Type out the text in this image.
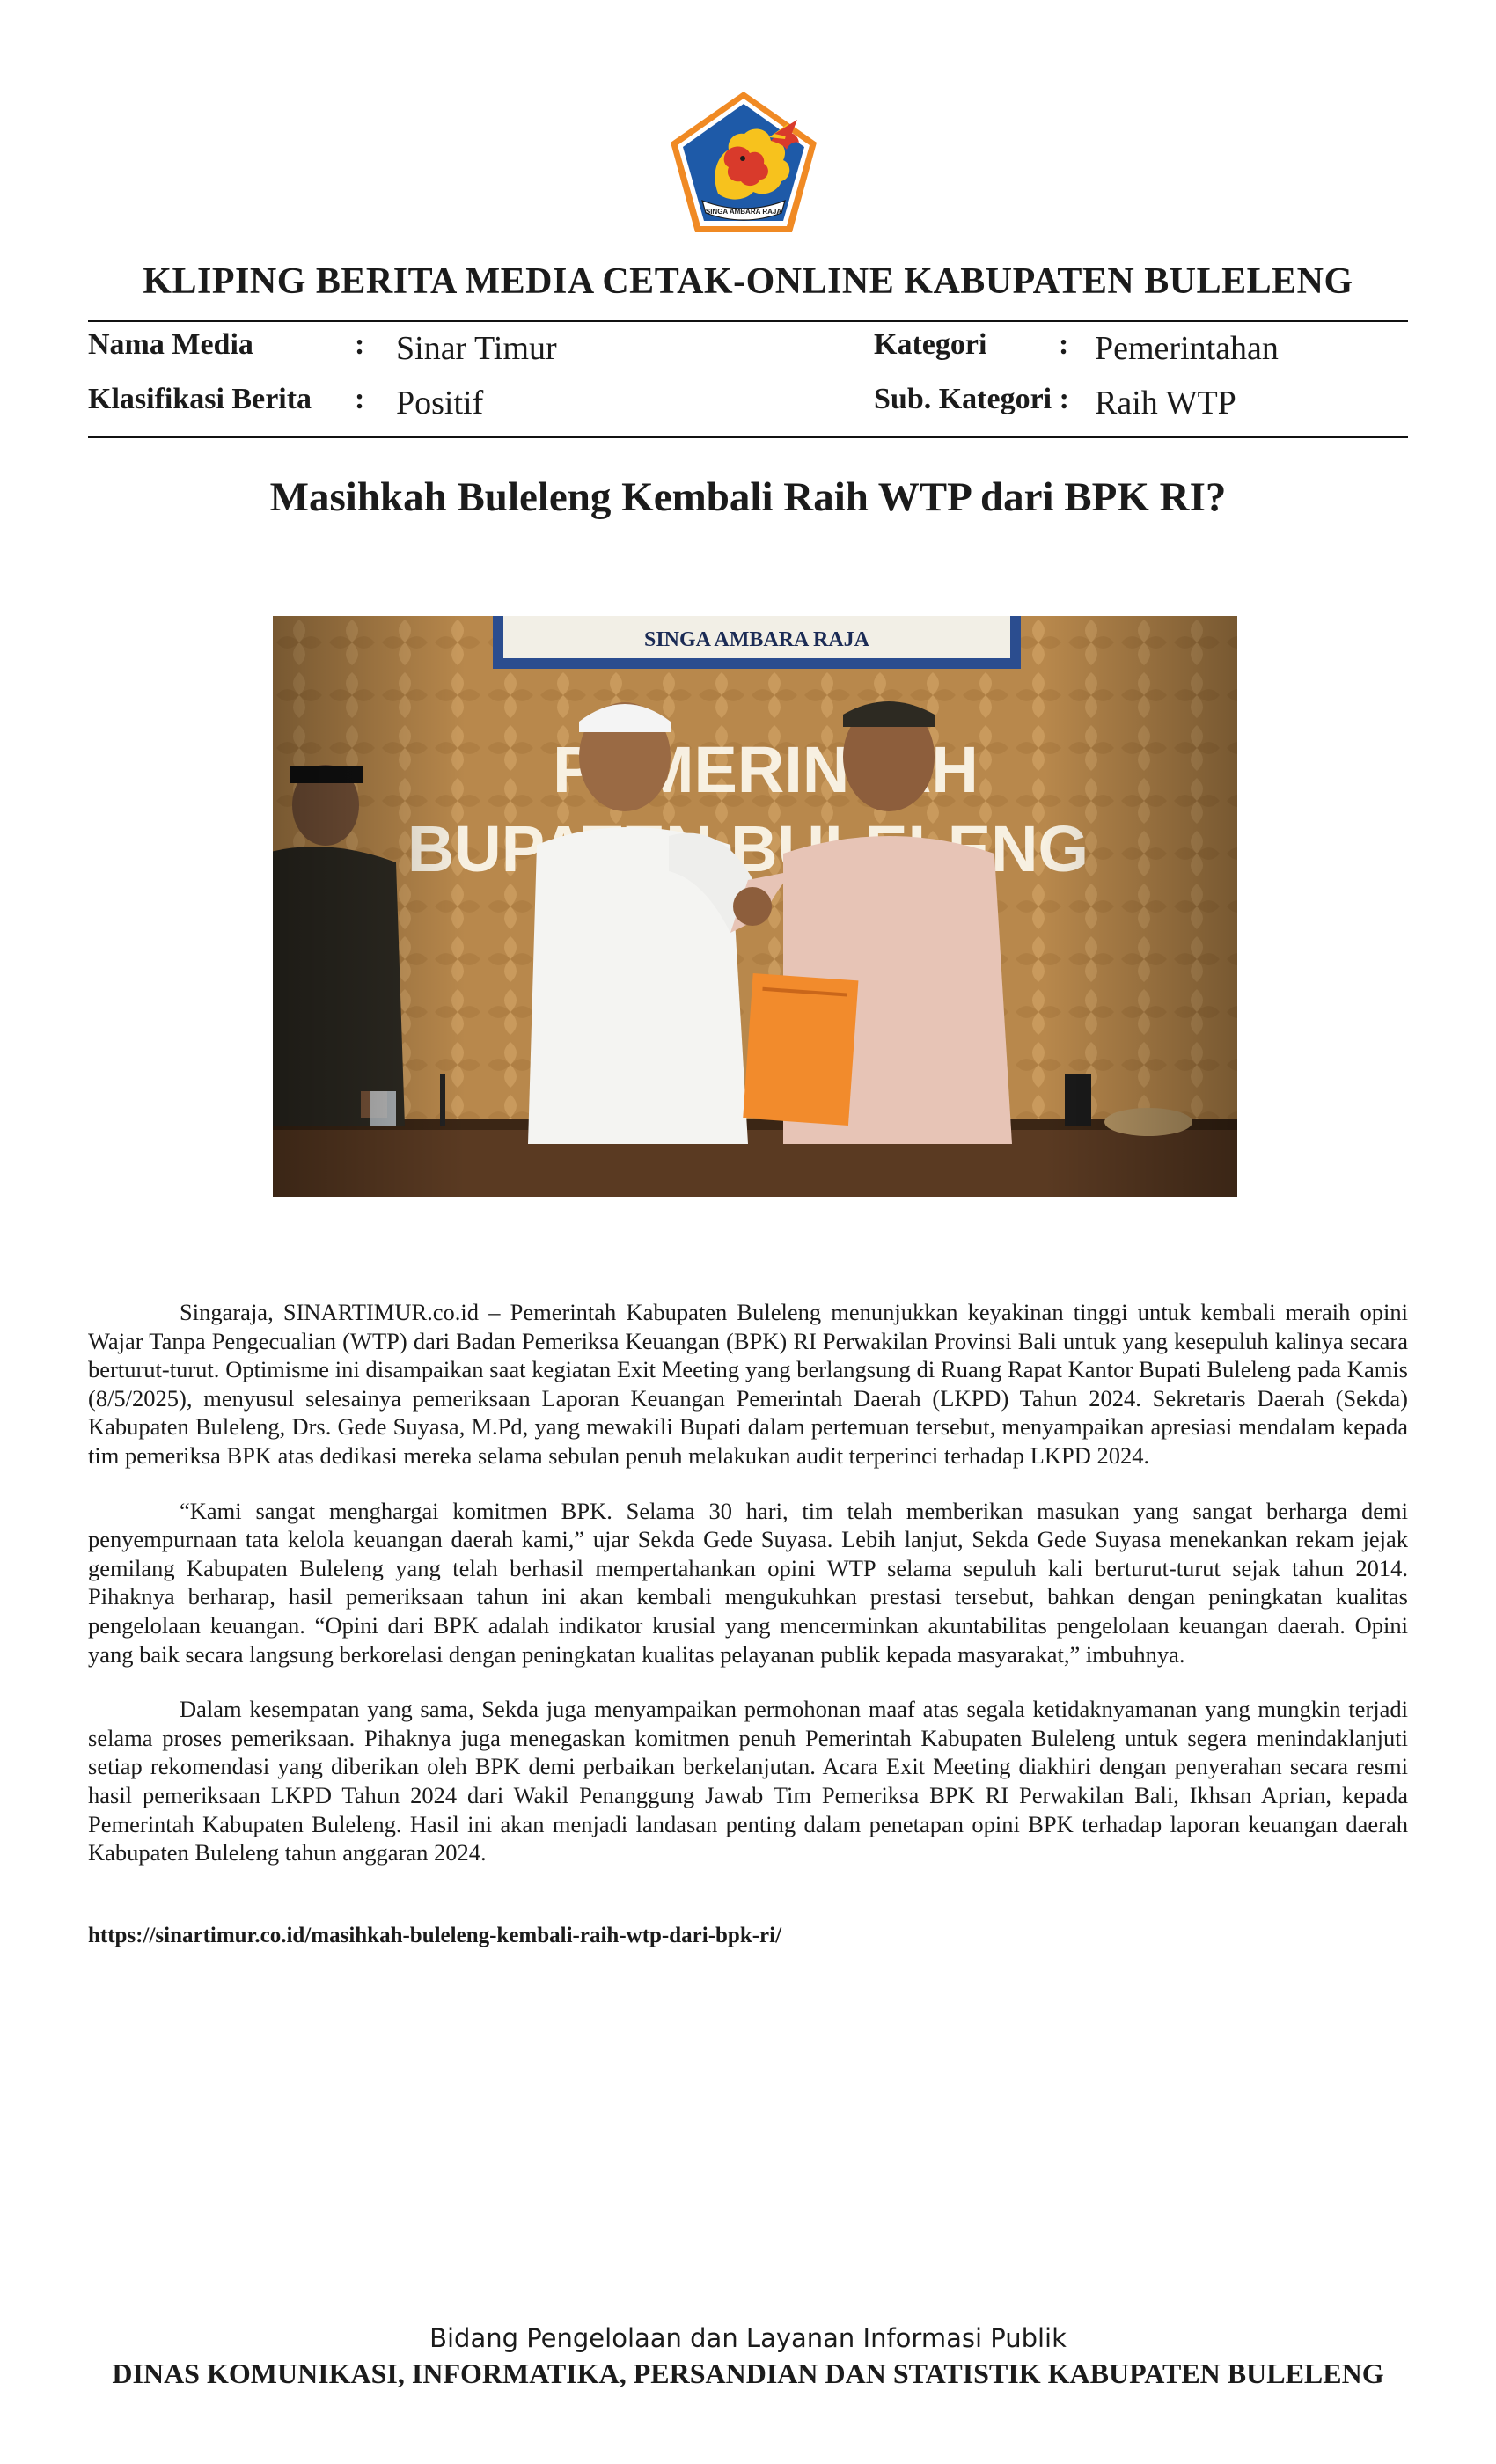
SINGA AMBARA RAJA
KLIPING BERITA MEDIA CETAK-ONLINE KABUPATEN BULELENG
Nama Media	: Sinar Timur
Klasifikasi Berita : Positif
Kategori : Pemerintahan
Sub. Kategori : Raih WTP
Masihkah Buleleng Kembali Raih WTP dari BPK RI?

Singaraja, SINARTIMUR.co.id – Pemerintah Kabupaten Buleleng menunjukkan keyakinan tinggi untuk kembali meraih opini Wajar Tanpa Pengecualian (WTP) dari Badan Pemeriksa Keuangan (BPK) RI Perwakilan Provinsi Bali untuk yang kesepuluh kalinya secara berturut-turut. Optimisme ini disampaikan saat kegiatan Exit Meeting yang berlangsung di Ruang Rapat Kantor Bupati Buleleng pada Kamis (8/5/2025), menyusul selesainya pemeriksaan Laporan Keuangan Pemerintah Daerah (LKPD) Tahun 2024. Sekretaris Daerah (Sekda) Kabupaten Buleleng, Drs. Gede Suyasa, M.Pd, yang mewakili Bupati dalam pertemuan tersebut, menyampaikan apresiasi mendalam kepada tim pemeriksa BPK atas dedikasi mereka selama sebulan penuh melakukan audit terperinci terhadap LKPD 2024.

“Kami sangat menghargai komitmen BPK. Selama 30 hari, tim telah memberikan masukan yang sangat berharga demi penyempurnaan tata kelola keuangan daerah kami,” ujar Sekda Gede Suyasa. Lebih lanjut, Sekda Gede Suyasa menekankan rekam jejak gemilang Kabupaten Buleleng yang telah berhasil mempertahankan opini WTP selama sepuluh kali berturut-turut sejak tahun 2014. Pihaknya berharap, hasil pemeriksaan tahun ini akan kembali mengukuhkan prestasi tersebut, bahkan dengan peningkatan kualitas pengelolaan keuangan. “Opini dari BPK adalah indikator krusial yang mencerminkan akuntabilitas pengelolaan keuangan daerah. Opini yang baik secara langsung berkorelasi dengan peningkatan kualitas pelayanan publik kepada masyarakat,” imbuhnya.

Dalam kesempatan yang sama, Sekda juga menyampaikan permohonan maaf atas segala ketidaknyamanan yang mungkin terjadi selama proses pemeriksaan. Pihaknya juga menegaskan komitmen penuh Pemerintah Kabupaten Buleleng untuk segera menindaklanjuti setiap rekomendasi yang diberikan oleh BPK demi perbaikan berkelanjutan. Acara Exit Meeting diakhiri dengan penyerahan secara resmi hasil pemeriksaan LKPD Tahun 2024 dari Wakil Penanggung Jawab Tim Pemeriksa BPK RI Perwakilan Bali, Ikhsan Aprian, kepada Pemerintah Kabupaten Buleleng. Hasil ini akan menjadi landasan penting dalam penetapan opini BPK terhadap laporan keuangan daerah Kabupaten Buleleng tahun anggaran 2024.

https://sinartimur.co.id/masihkah-buleleng-kembali-raih-wtp-dari-bpk-ri/
Bidang Pengelolaan dan Layanan Informasi Publik
DINAS KOMUNIKASI, INFORMATIKA, PERSANDIAN DAN STATISTIK KABUPATEN BULELENG
